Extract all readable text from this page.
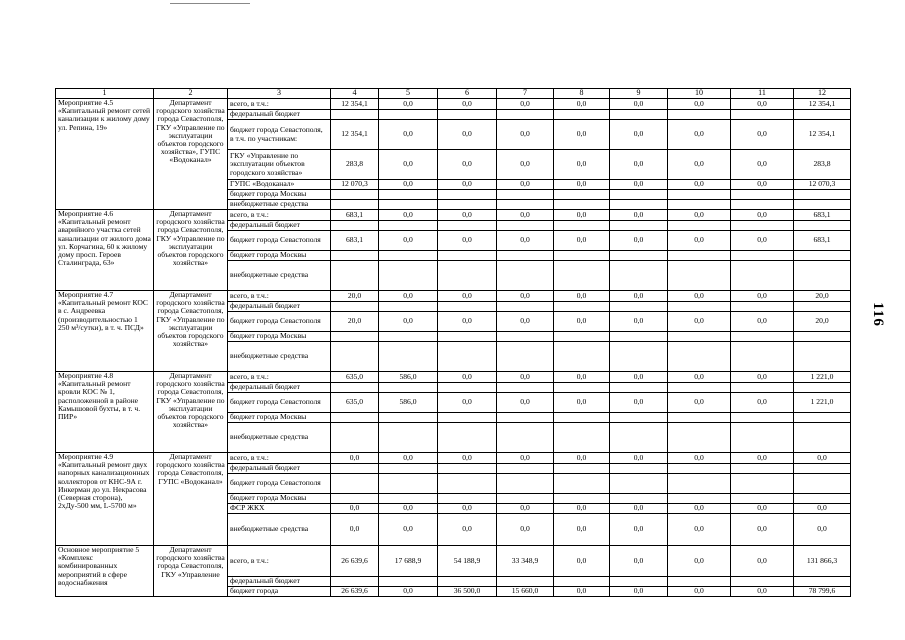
116
1	2	3	4	5	6	7	8	9	10	11	12
Мероприятие 4.5 «Капитальный ремонт сетей канализации к жилому дому ул. Репина, 19»	Департамент городского хозяйства города Севастополя, ГКУ «Управление по эксплуатации объектов городского хозяйства», ГУПС «Водоканал»	всего, в т.ч.:	12 354,1	0,0	0,0	0,0	0,0	0,0	0,0	0,0	12 354,1
		федеральный бюджет									
		бюджет города Севастополя, в т.ч. по участникам:	12 354,1	0,0	0,0	0,0	0,0	0,0	0,0	0,0	12 354,1
		ГКУ «Управление по эксплуатации объектов городского хозяйства»	283,8	0,0	0,0	0,0	0,0	0,0	0,0	0,0	283,8
		ГУПС «Водоканал»	12 070,3	0,0	0,0	0,0	0,0	0,0	0,0	0,0	12 070,3
		бюджет города Москвы									
		внебюджетные средства									
Мероприятие 4.6 «Капитальный ремонт аварийного участка сетей канализации от жилого дома ул. Корчагина, 60 к жилому дому просп. Героев Сталинграда, 63»	Департамент городского хозяйства города Севастополя, ГКУ «Управление по эксплуатации объектов городского хозяйства»	всего, в т.ч.:	683,1	0,0	0,0	0,0	0,0	0,0	0,0	0,0	683,1
		федеральный бюджет									
		бюджет города Севастополя	683,1	0,0	0,0	0,0	0,0	0,0	0,0	0,0	683,1
		бюджет города Москвы									
		внебюджетные средства									
Мероприятие 4.7 «Капитальный ремонт КОС в с. Андреевка (производительностью 1 250 м³/сутки), в т. ч. ПСД»	Департамент городского хозяйства города Севастополя, ГКУ «Управление по эксплуатации объектов городского хозяйства»	всего, в т.ч.:	20,0	0,0	0,0	0,0	0,0	0,0	0,0	0,0	20,0
		федеральный бюджет									
		бюджет города Севастополя	20,0	0,0	0,0	0,0	0,0	0,0	0,0	0,0	20,0
		бюджет города Москвы									
		внебюджетные средства									
Мероприятие 4.8 «Капитальный ремонт кровли КОС № 1, расположенной в районе Камышовой бухты, в т. ч. ПИР»	Департамент городского хозяйства города Севастополя, ГКУ «Управление по эксплуатации объектов городского хозяйства»	всего, в т.ч.:	635,0	586,0	0,0	0,0	0,0	0,0	0,0	0,0	1 221,0
		федеральный бюджет									
		бюджет города Севастополя	635,0	586,0	0,0	0,0	0,0	0,0	0,0	0,0	1 221,0
		бюджет города Москвы									
		внебюджетные средства									
Мероприятие 4.9 «Капитальный ремонт двух напорных канализационных коллекторов от КНС-9А г. Инкерман до ул. Некрасова (Северная сторона), 2хДу-500 мм, L-5700 м»	Департамент городского хозяйства города Севастополя, ГУПС «Водоканал»	всего, в т.ч.:	0,0	0,0	0,0	0,0	0,0	0,0	0,0	0,0	0,0
		федеральный бюджет									
		бюджет города Севастополя									
		бюджет города Москвы									
		ФСР ЖКХ	0,0	0,0	0,0	0,0	0,0	0,0	0,0	0,0	0,0
		внебюджетные средства	0,0	0,0	0,0	0,0	0,0	0,0	0,0	0,0	0,0
Основное мероприятие 5 «Комплекс комбинированных мероприятий в сфере водоснабжения	Департамент городского хозяйства города Севастополя, ГКУ «Управление	всего, в т.ч.:	26 639,6	17 688,9	54 188,9	33 348,9	0,0	0,0	0,0	0,0	131 866,3
		федеральный бюджет									
		бюджет города	26 639,6	0,0	36 500,0	15 660,0	0,0	0,0	0,0	0,0	78 799,6
